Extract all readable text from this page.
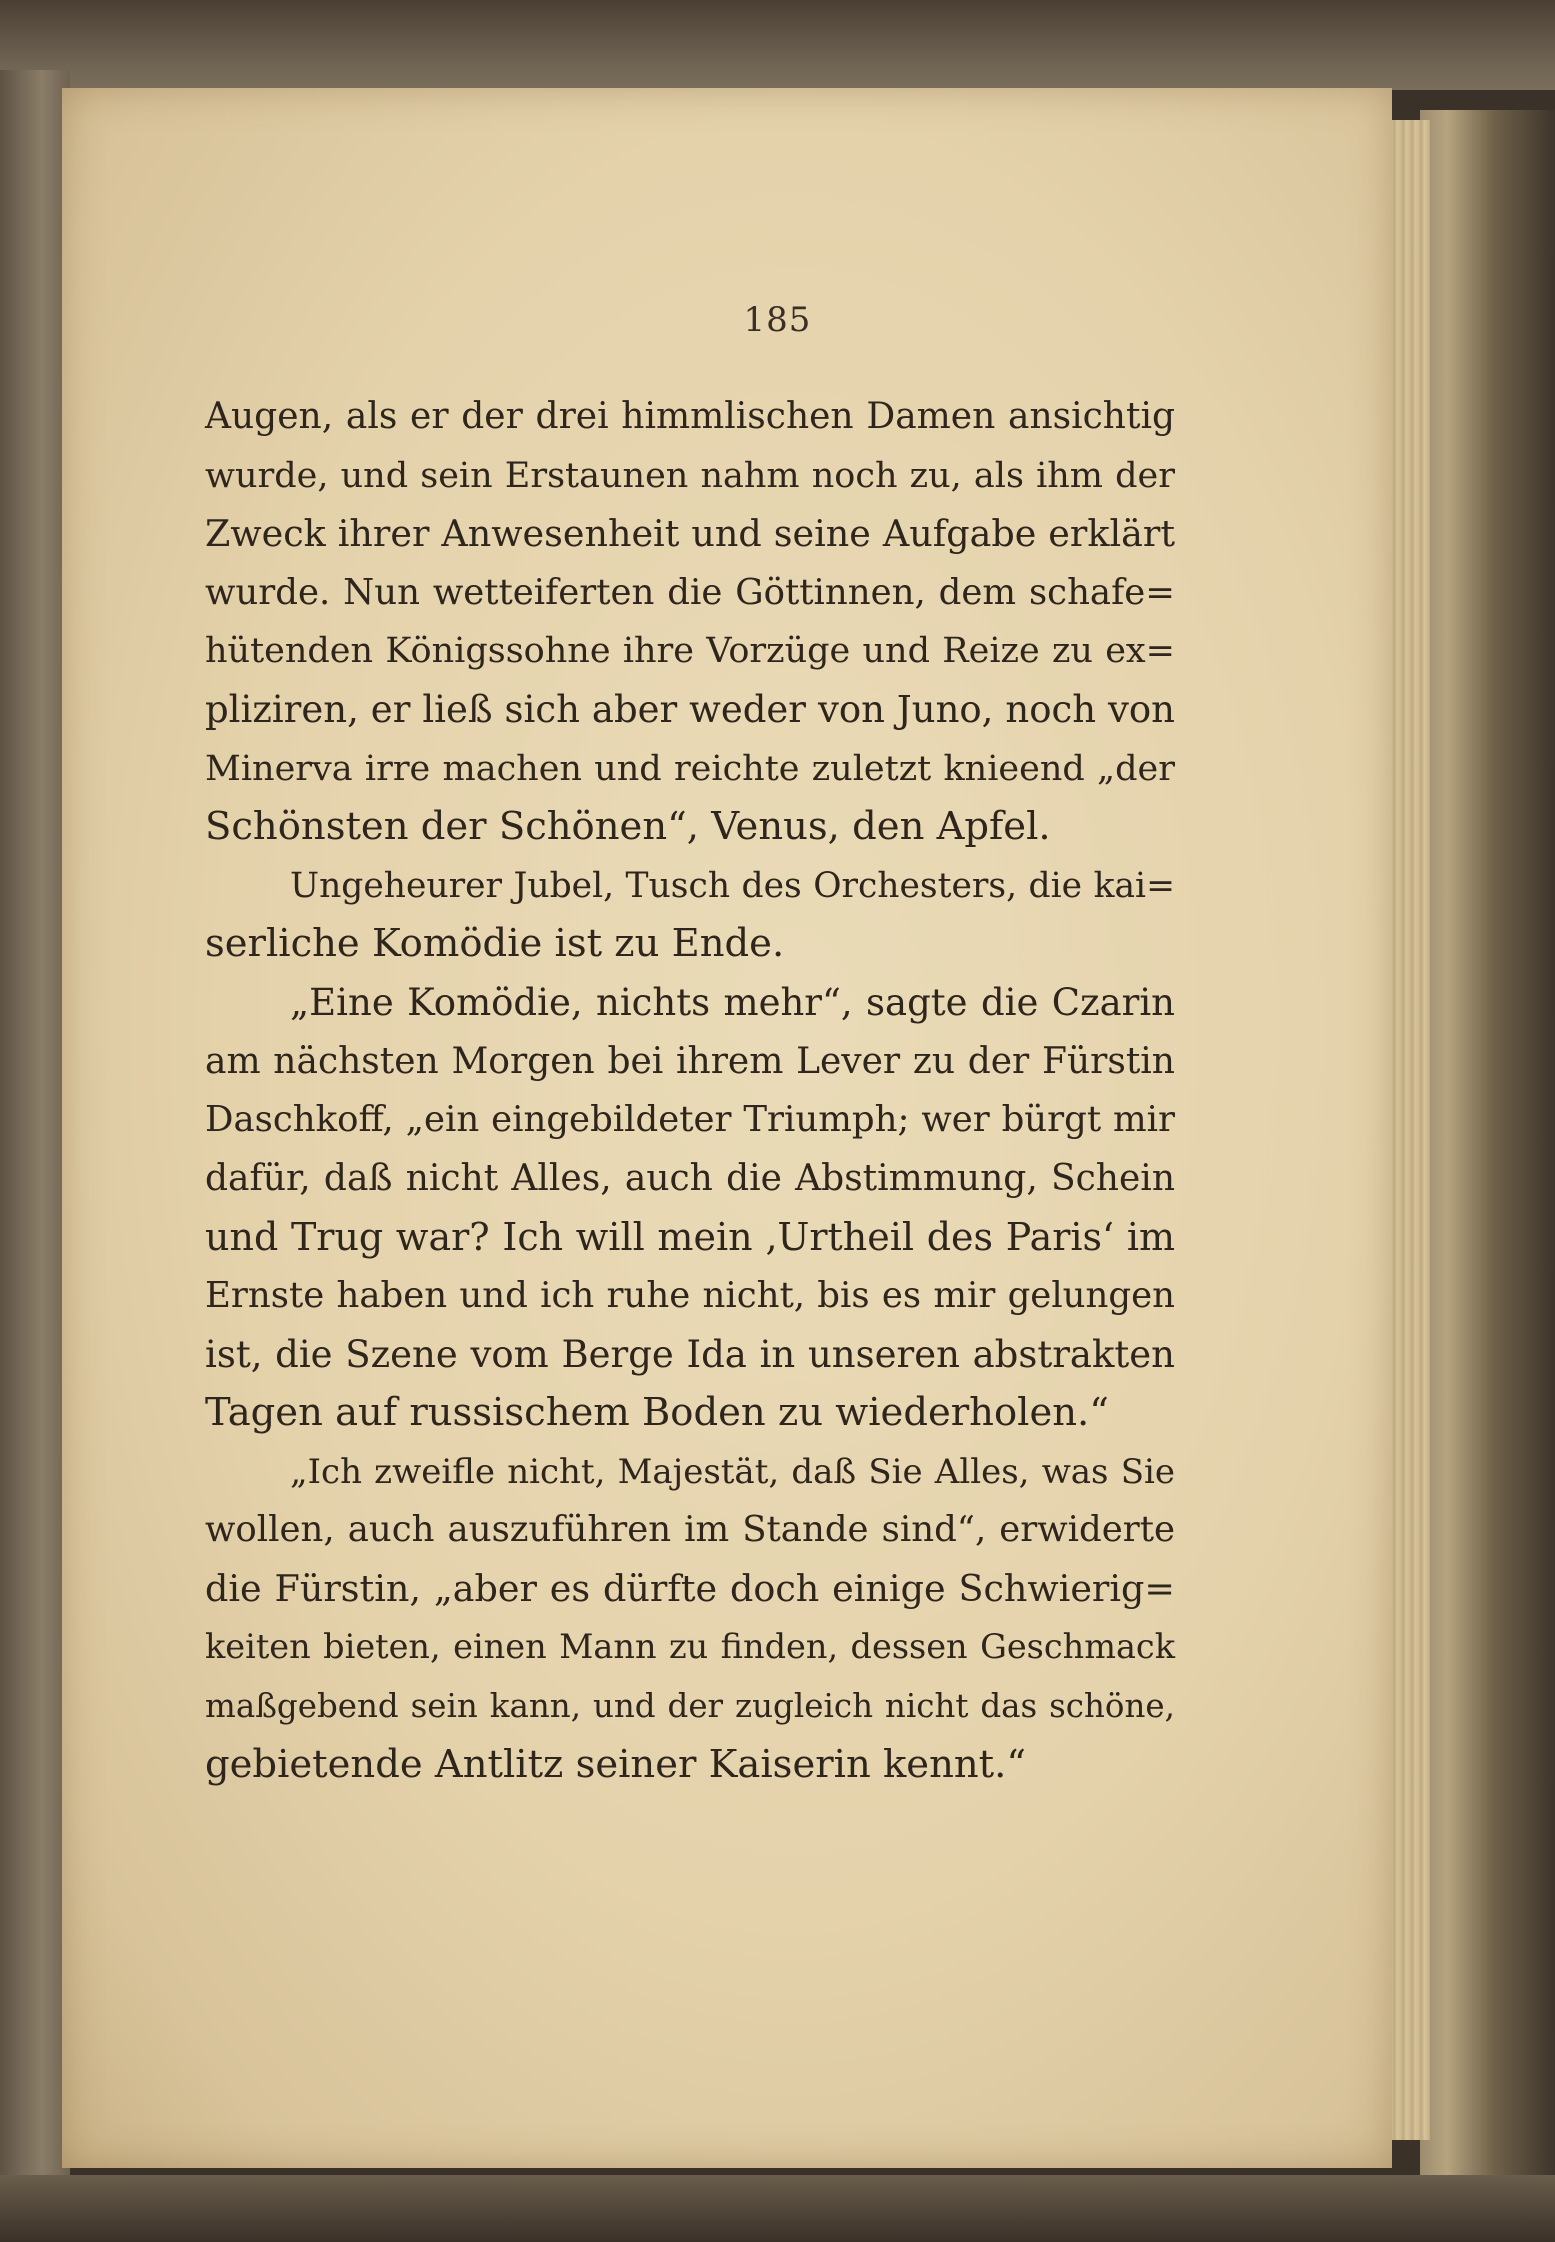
185
Augen, als er der drei himmlischen Damen ansichtig
wurde, und sein Erstaunen nahm noch zu, als ihm der
Zweck ihrer Anwesenheit und seine Aufgabe erklärt
wurde. Nun wetteiferten die Göttinnen, dem schafe=
hütenden Königssohne ihre Vorzüge und Reize zu ex=
pliziren, er ließ sich aber weder von Juno, noch von
Minerva irre machen und reichte zuletzt knieend „der
Schönsten der Schönen“, Venus, den Apfel.
Ungeheurer Jubel, Tusch des Orchesters, die kai=
serliche Komödie ist zu Ende.
„Eine Komödie, nichts mehr“, sagte die Czarin
am nächsten Morgen bei ihrem Lever zu der Fürstin
Daschkoff, „ein eingebildeter Triumph; wer bürgt mir
dafür, daß nicht Alles, auch die Abstimmung, Schein
und Trug war? Ich will mein ‚Urtheil des Paris‘ im
Ernste haben und ich ruhe nicht, bis es mir gelungen
ist, die Szene vom Berge Ida in unseren abstrakten
Tagen auf russischem Boden zu wiederholen.“
„Ich zweifle nicht, Majestät, daß Sie Alles, was Sie
wollen, auch auszuführen im Stande sind“, erwiderte
die Fürstin, „aber es dürfte doch einige Schwierig=
keiten bieten, einen Mann zu finden, dessen Geschmack
maßgebend sein kann, und der zugleich nicht das schöne,
gebietende Antlitz seiner Kaiserin kennt.“
